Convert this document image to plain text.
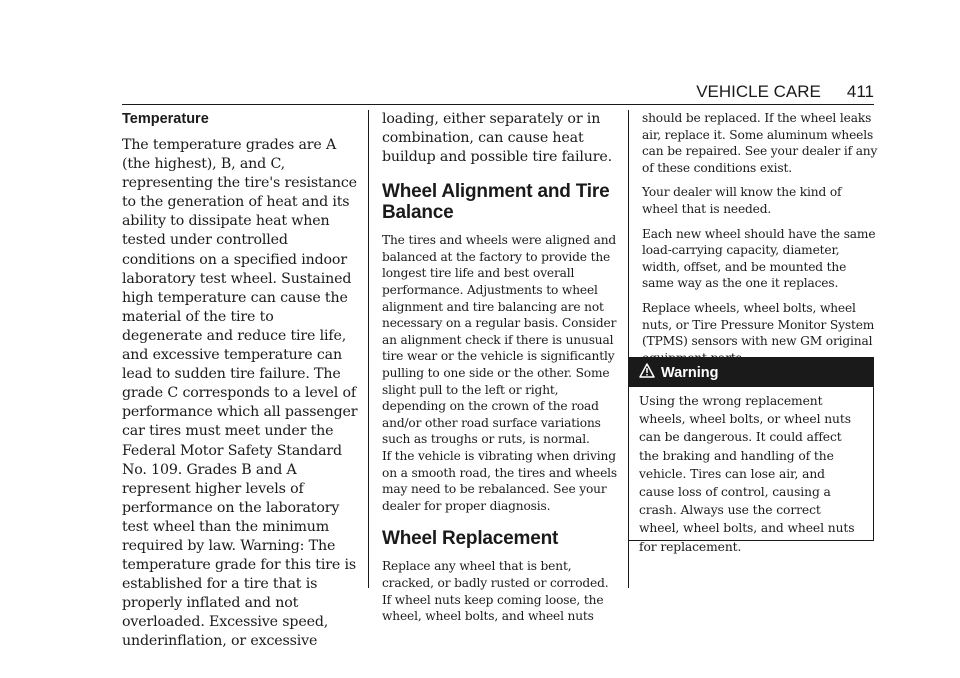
VEHICLE CARE 411
Temperature

The temperature grades are A (the highest), B, and C, representing the tire's resistance to the generation of heat and its ability to dissipate heat when tested under controlled conditions on a specified indoor laboratory test wheel. Sustained high temperature can cause the material of the tire to degenerate and reduce tire life, and excessive temperature can lead to sudden tire failure. The grade C corresponds to a level of performance which all passenger car tires must meet under the Federal Motor Safety Standard No. 109. Grades B and A represent higher levels of performance on the laboratory test wheel than the minimum required by law. Warning: The temperature grade for this tire is established for a tire that is properly inflated and not overloaded. Excessive speed, underinflation, or excessive

loading, either separately or in combination, can cause heat buildup and possible tire failure.

Wheel Alignment and Tire Balance

The tires and wheels were aligned and balanced at the factory to provide the longest tire life and best overall performance. Adjustments to wheel alignment and tire balancing are not necessary on a regular basis. Consider an alignment check if there is unusual tire wear or the vehicle is significantly pulling to one side or the other. Some slight pull to the left or right, depending on the crown of the road and/or other road surface variations such as troughs or ruts, is normal.

If the vehicle is vibrating when driving on a smooth road, the tires and wheels may need to be rebalanced. See your dealer for proper diagnosis.

Wheel Replacement

Replace any wheel that is bent, cracked, or badly rusted or corroded. If wheel nuts keep coming loose, the wheel, wheel bolts, and wheel nuts

should be replaced. If the wheel leaks air, replace it. Some aluminum wheels can be repaired. See your dealer if any of these conditions exist.

Your dealer will know the kind of wheel that is needed.

Each new wheel should have the same load-carrying capacity, diameter, width, offset, and be mounted the same way as the one it replaces.

Replace wheels, wheel bolts, wheel nuts, or Tire Pressure Monitor System (TPMS) sensors with new GM original

Warning

Using the wrong replacement wheels, wheel bolts, or wheel nuts can be dangerous. It could affect the braking and handling of the vehicle. Tires can lose air, and cause loss of control, causing a crash. Always use the correct wheel, wheel bolts, and wheel nuts for replacement.
